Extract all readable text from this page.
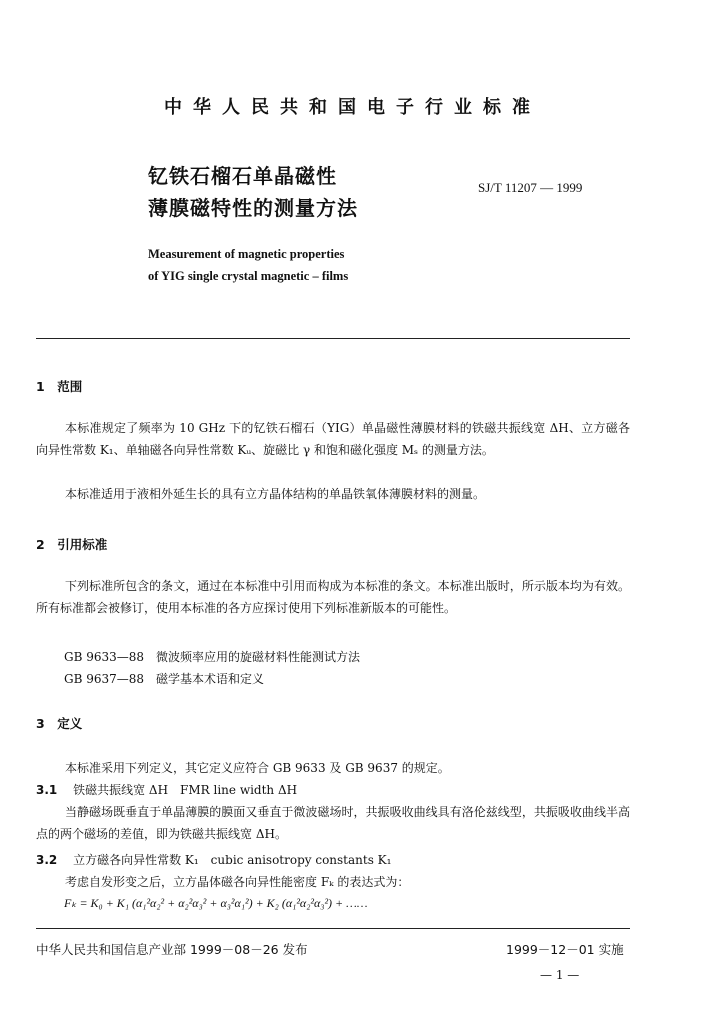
中华人民共和国电子行业标准
钇铁石榴石单晶磁性
薄膜磁特性的测量方法
SJ/T 11207 — 1999
Measurement of magnetic properties
of YIG single crystal magnetic – films
1　范围
本标准规定了频率为 10 GHz 下的钇铁石榴石（YIG）单晶磁性薄膜材料的铁磁共振线宽 ΔH、立方磁各向异性常数 K₁、单轴磁各向异性常数 Kᵤ、旋磁比 γ 和饱和磁化强度 Mₛ 的测量方法。
本标准适用于液相外延生长的具有立方晶体结构的单晶铁氧体薄膜材料的测量。
2　引用标准
下列标准所包含的条文，通过在本标准中引用而构成为本标准的条文。本标准出版时，所示版本均为有效。所有标准都会被修订，使用本标准的各方应探讨使用下列标准新版本的可能性。
GB 9633—88　微波频率应用的旋磁材料性能测试方法
GB 9637—88　磁学基本术语和定义
3　定义
本标准采用下列定义，其它定义应符合 GB 9633 及 GB 9637 的规定。
3.1　 铁磁共振线宽 ΔH　FMR line width ΔH
当静磁场既垂直于单晶薄膜的膜面又垂直于微波磁场时，共振吸收曲线具有洛伦兹线型，共振吸收曲线半高点的两个磁场的差值，即为铁磁共振线宽 ΔH。
3.2　 立方磁各向异性常数 K₁　cubic anisotropy constants K₁
考虑自发形变之后，立方晶体磁各向异性能密度 Fₖ 的表达式为：
Fₖ = K₀ + K₁ (α₁²α₂² + α₂²α₃² + α₃²α₁²) + K₂ (α₁²α₂²α₃²) + ……
中华人民共和国信息产业部 1999－08－26 发布	1999－12－01 实施
— 1 —
